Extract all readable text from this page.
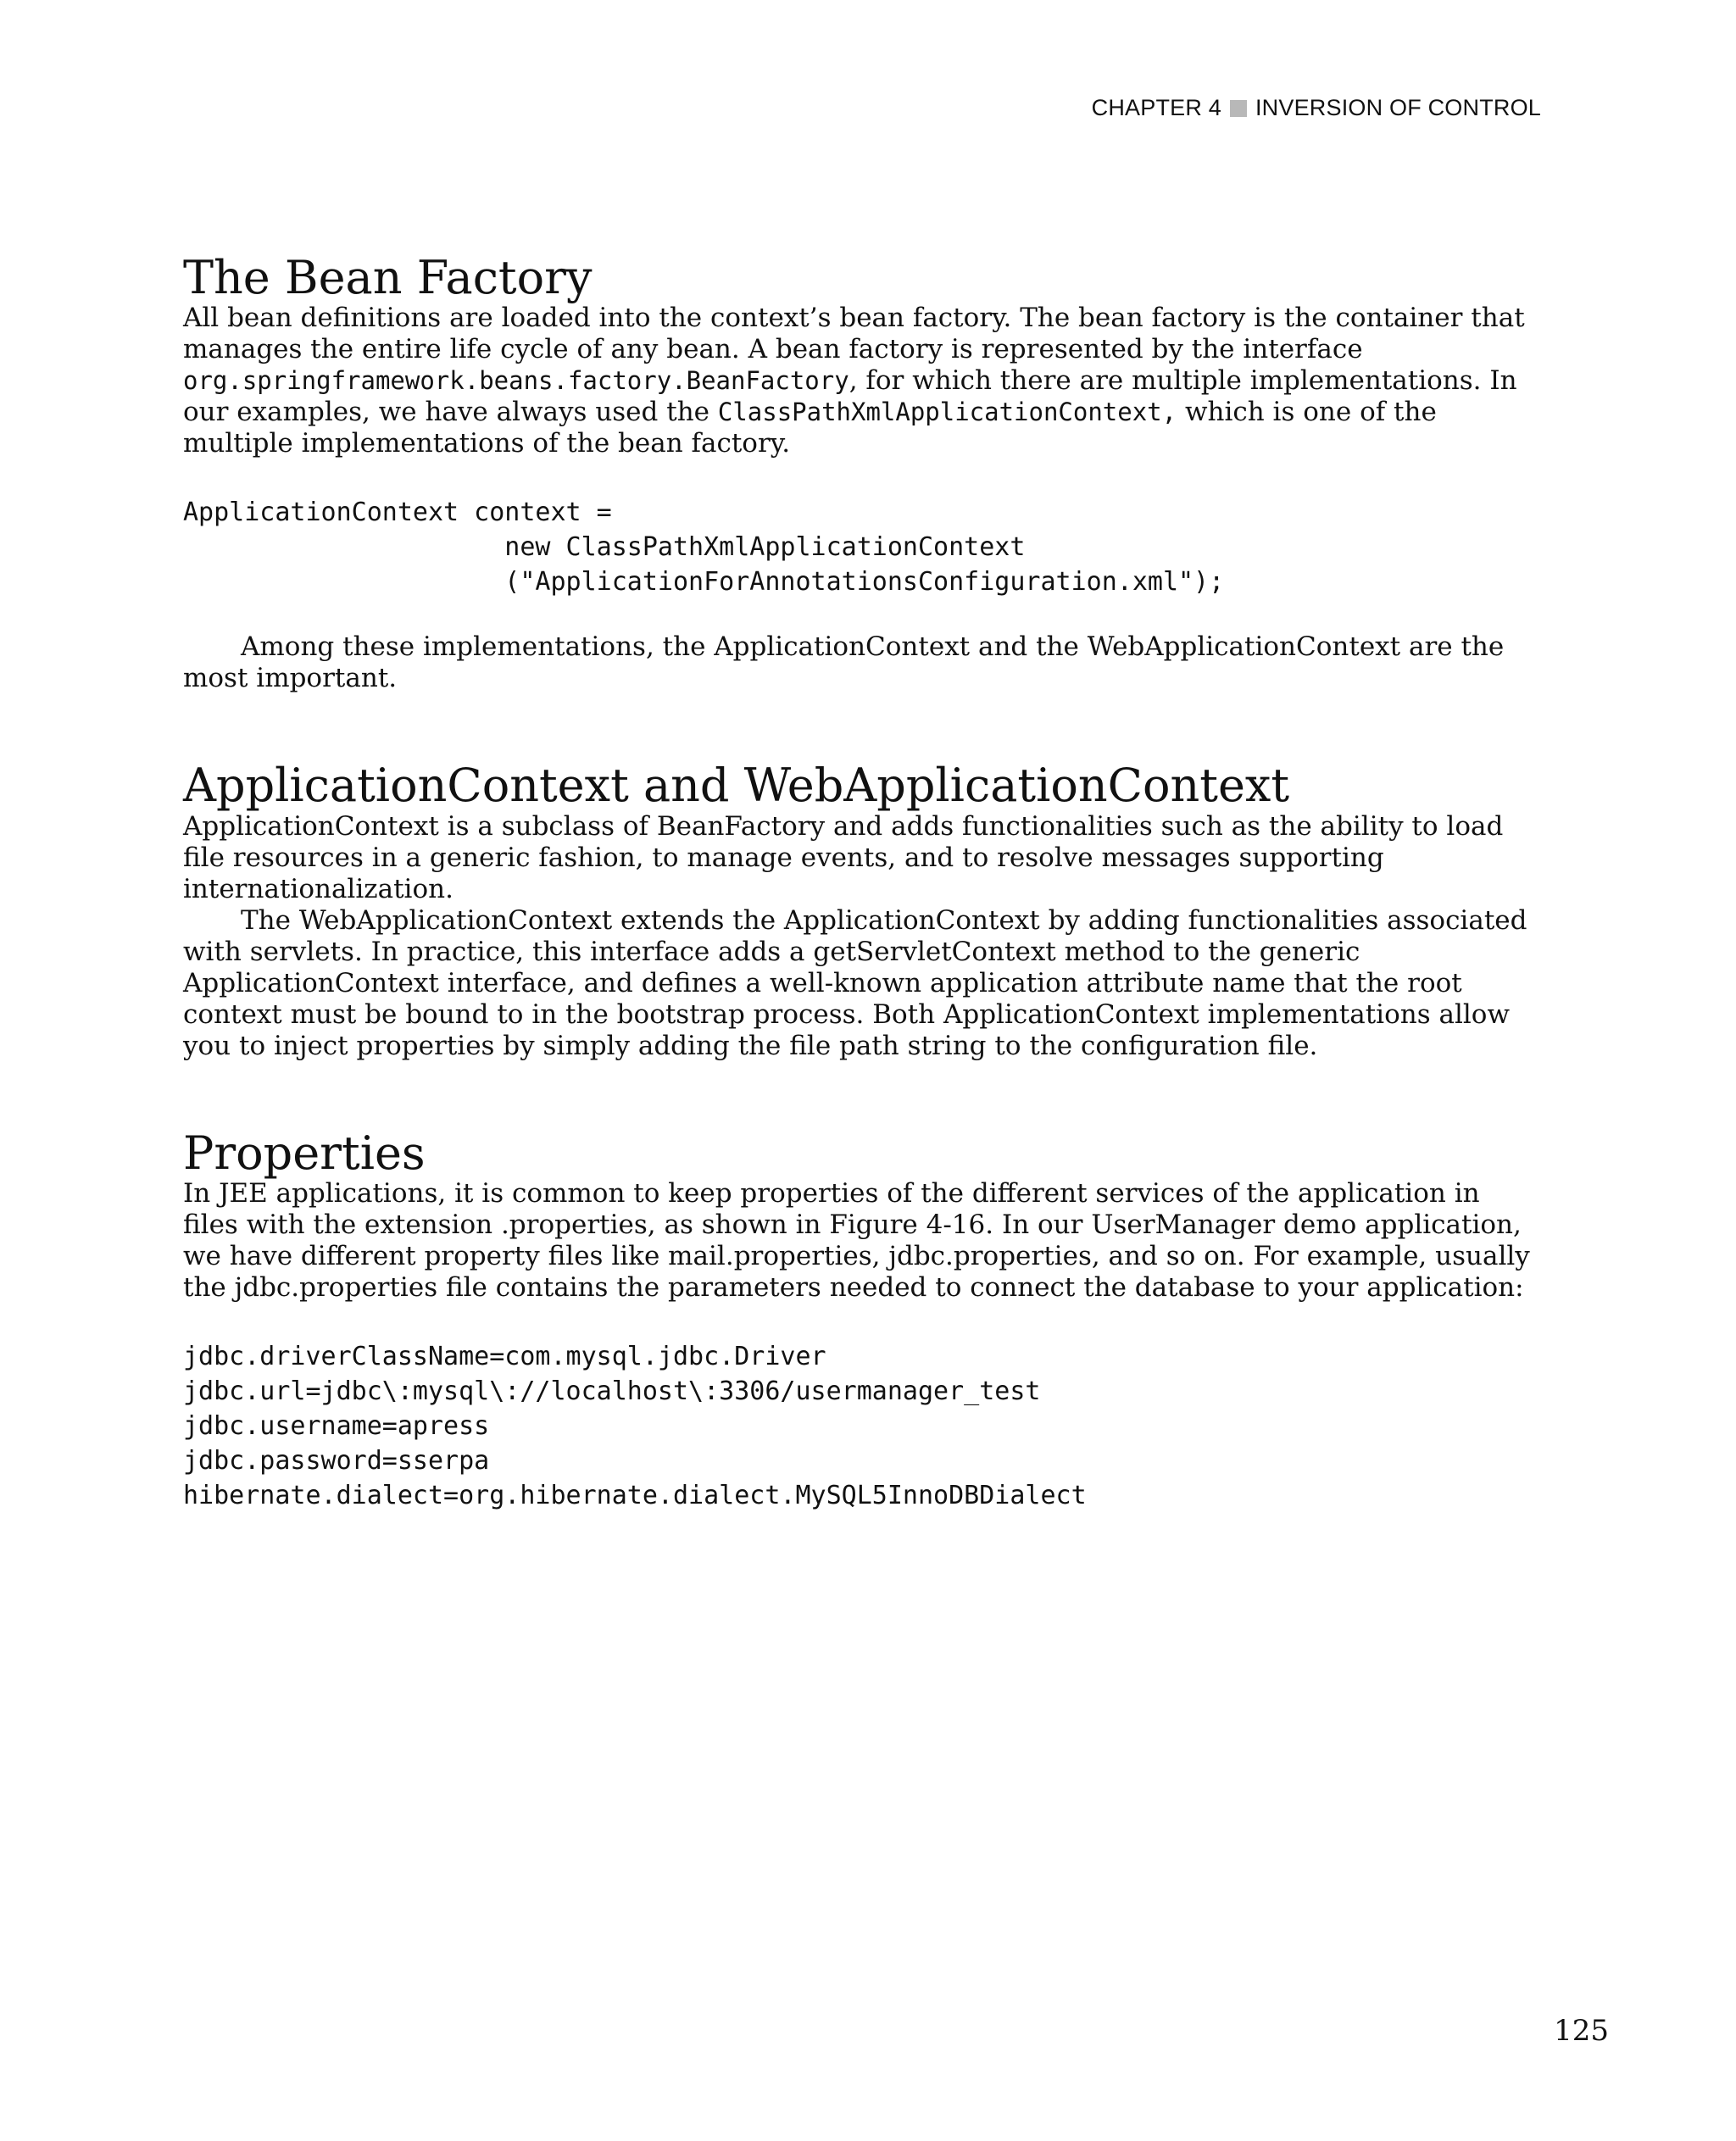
CHAPTER 4 INVERSION OF CONTROL
The Bean Factory

All bean definitions are loaded into the context’s bean factory. The bean factory is the container that manages the entire life cycle of any bean. A bean factory is represented by the interface org.springframework.beans.factory.BeanFactory, for which there are multiple implementations. In our examples, we have always used the ClassPathXmlApplicationContext, which is one of the multiple implementations of the bean factory.

ApplicationContext context =
new ClassPathXmlApplicationContext
("ApplicationForAnnotationsConfiguration.xml");

Among these implementations, the ApplicationContext and the WebApplicationContext are the most important.

ApplicationContext and WebApplicationContext

ApplicationContext is a subclass of BeanFactory and adds functionalities such as the ability to load file resources in a generic fashion, to manage events, and to resolve messages supporting internationalization.

The WebApplicationContext extends the ApplicationContext by adding functionalities associated with servlets. In practice, this interface adds a getServletContext method to the generic ApplicationContext interface, and defines a well-known application attribute name that the root context must be bound to in the bootstrap process. Both ApplicationContext implementations allow you to inject properties by simply adding the file path string to the configuration file.

Properties

In JEE applications, it is common to keep properties of the different services of the application in files with the extension .properties, as shown in Figure 4-16. In our UserManager demo application, we have different property files like mail.properties, jdbc.properties, and so on. For example, usually the jdbc.properties file contains the parameters needed to connect the database to your application:

jdbc.driverClassName=com.mysql.jdbc.Driver
jdbc.url=jdbc\:mysql\://localhost\:3306/usermanager_test
jdbc.username=apress
jdbc.password=sserpa
hibernate.dialect=org.hibernate.dialect.MySQL5InnoDBDialect
125
